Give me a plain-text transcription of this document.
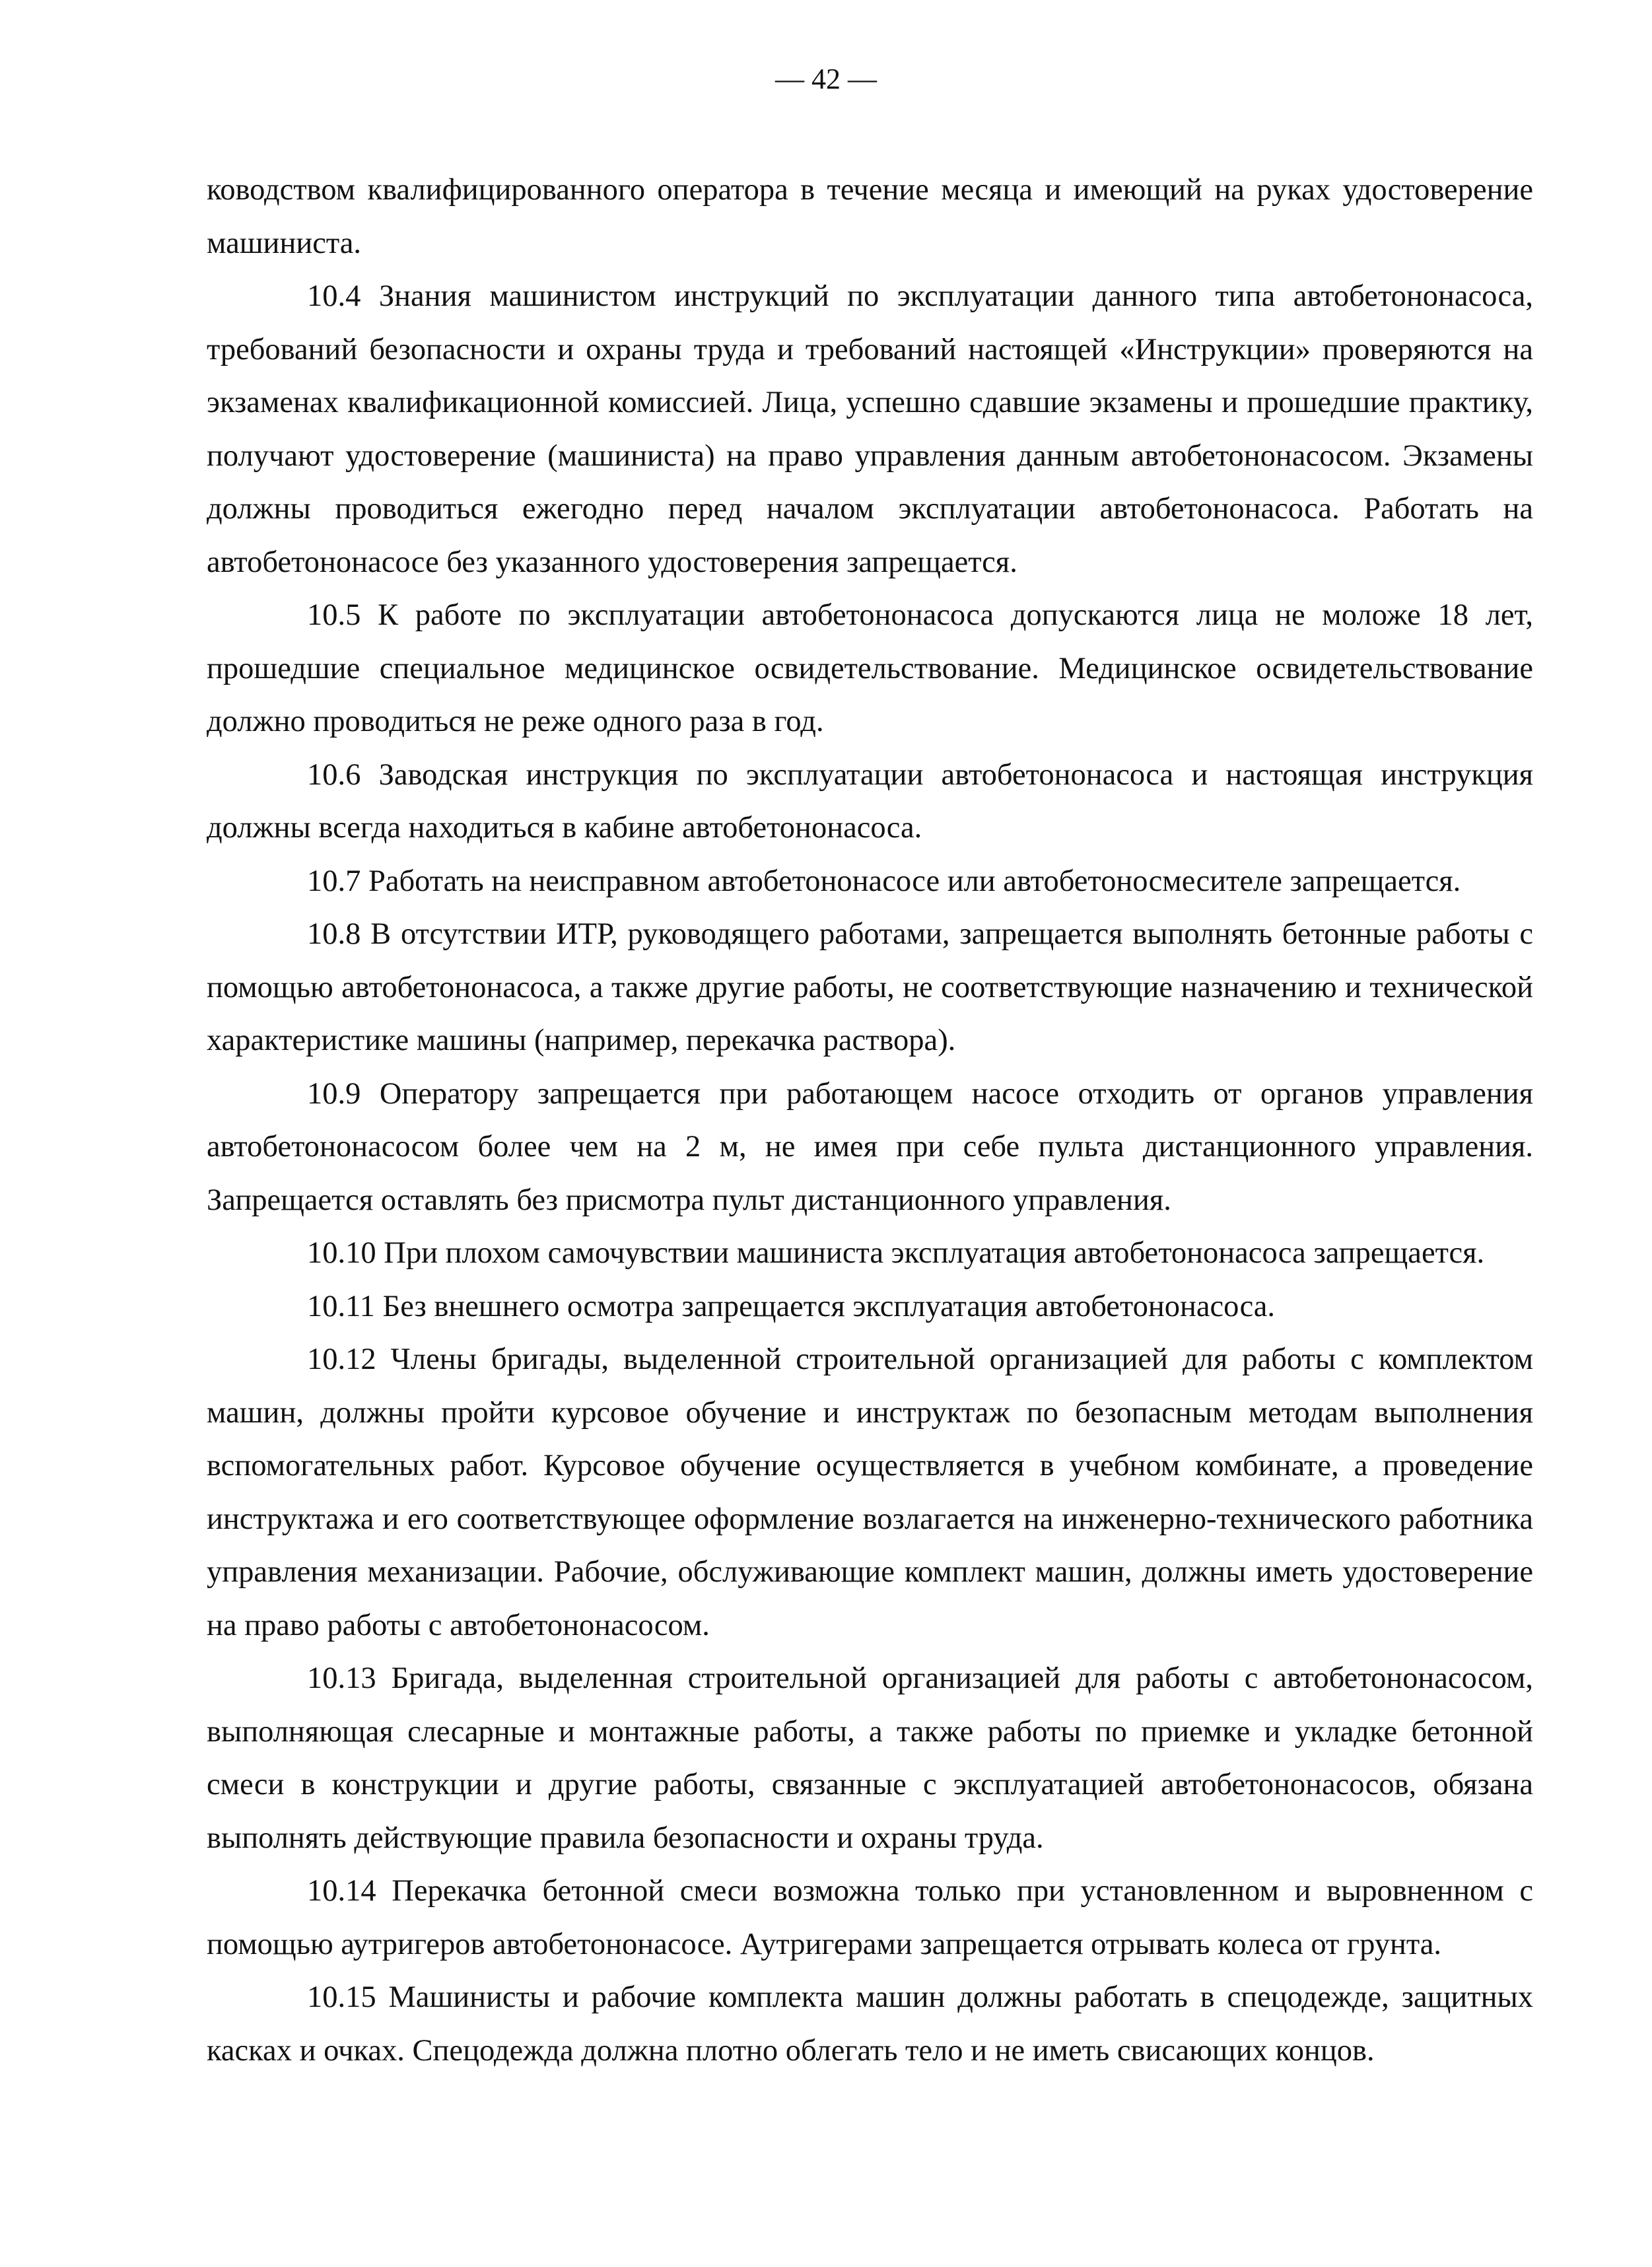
— 42 —

ководством квалифицированного оператора в течение месяца и имеющий на руках удостоверение машиниста.

10.4 Знания машинистом инструкций по эксплуатации данного типа автобетононасоса, требований безопасности и охраны труда и требований настоящей «Инструкции» проверяются на экзаменах квалификационной комиссией. Лица, успешно сдавшие экзамены и прошедшие практику, получают удостоверение (машиниста) на право управления данным автобетононасосом. Экзамены должны проводиться ежегодно перед началом эксплуатации автобетононасоса. Работать на автобетононасосе без указанного удостоверения запрещается.

10.5 К работе по эксплуатации автобетононасоса допускаются лица не моложе 18 лет, прошедшие специальное медицинское освидетельствование. Медицинское освидетельствование должно проводиться не реже одного раза в год.

10.6 Заводская инструкция по эксплуатации автобетононасоса и настоящая инструкция должны всегда находиться в кабине автобетононасоса.

10.7 Работать на неисправном автобетононасосе или автобетоносмесителе запрещается.

10.8 В отсутствии ИТР, руководящего работами, запрещается выполнять бетонные работы с помощью автобетононасоса, а также другие работы, не соответствующие назначению и технической характеристике машины (например, перекачка раствора).

10.9 Оператору запрещается при работающем насосе отходить от органов управления автобетононасосом более чем на 2 м, не имея при себе пульта дистанционного управления. Запрещается оставлять без присмотра пульт дистанционного управления.

10.10 При плохом самочувствии машиниста эксплуатация автобетононасоса запрещается.

10.11 Без внешнего осмотра запрещается эксплуатация автобетононасоса.

10.12 Члены бригады, выделенной строительной организацией для работы с комплектом машин, должны пройти курсовое обучение и инструктаж по безопасным методам выполнения вспомогательных работ. Курсовое обучение осуществляется в учебном комбинате, а проведение инструктажа и его соответствующее оформление возлагается на инженерно-технического работника управления механизации. Рабочие, обслуживающие комплект машин, должны иметь удостоверение на право работы с автобетононасосом.

10.13 Бригада, выделенная строительной организацией для работы с автобетононасосом, выполняющая слесарные и монтажные работы, а также работы по приемке и укладке бетонной смеси в конструкции и другие работы, связанные с эксплуатацией автобетононасосов, обязана выполнять действующие правила безопасности и охраны труда.

10.14 Перекачка бетонной смеси возможна только при установленном и выровненном с помощью аутригеров автобетононасосе. Аутригерами запрещается отрывать колеса от грунта.

10.15 Машинисты и рабочие комплекта машин должны работать в спецодежде, защитных касках и очках. Спецодежда должна плотно облегать тело и не иметь свисающих концов.
